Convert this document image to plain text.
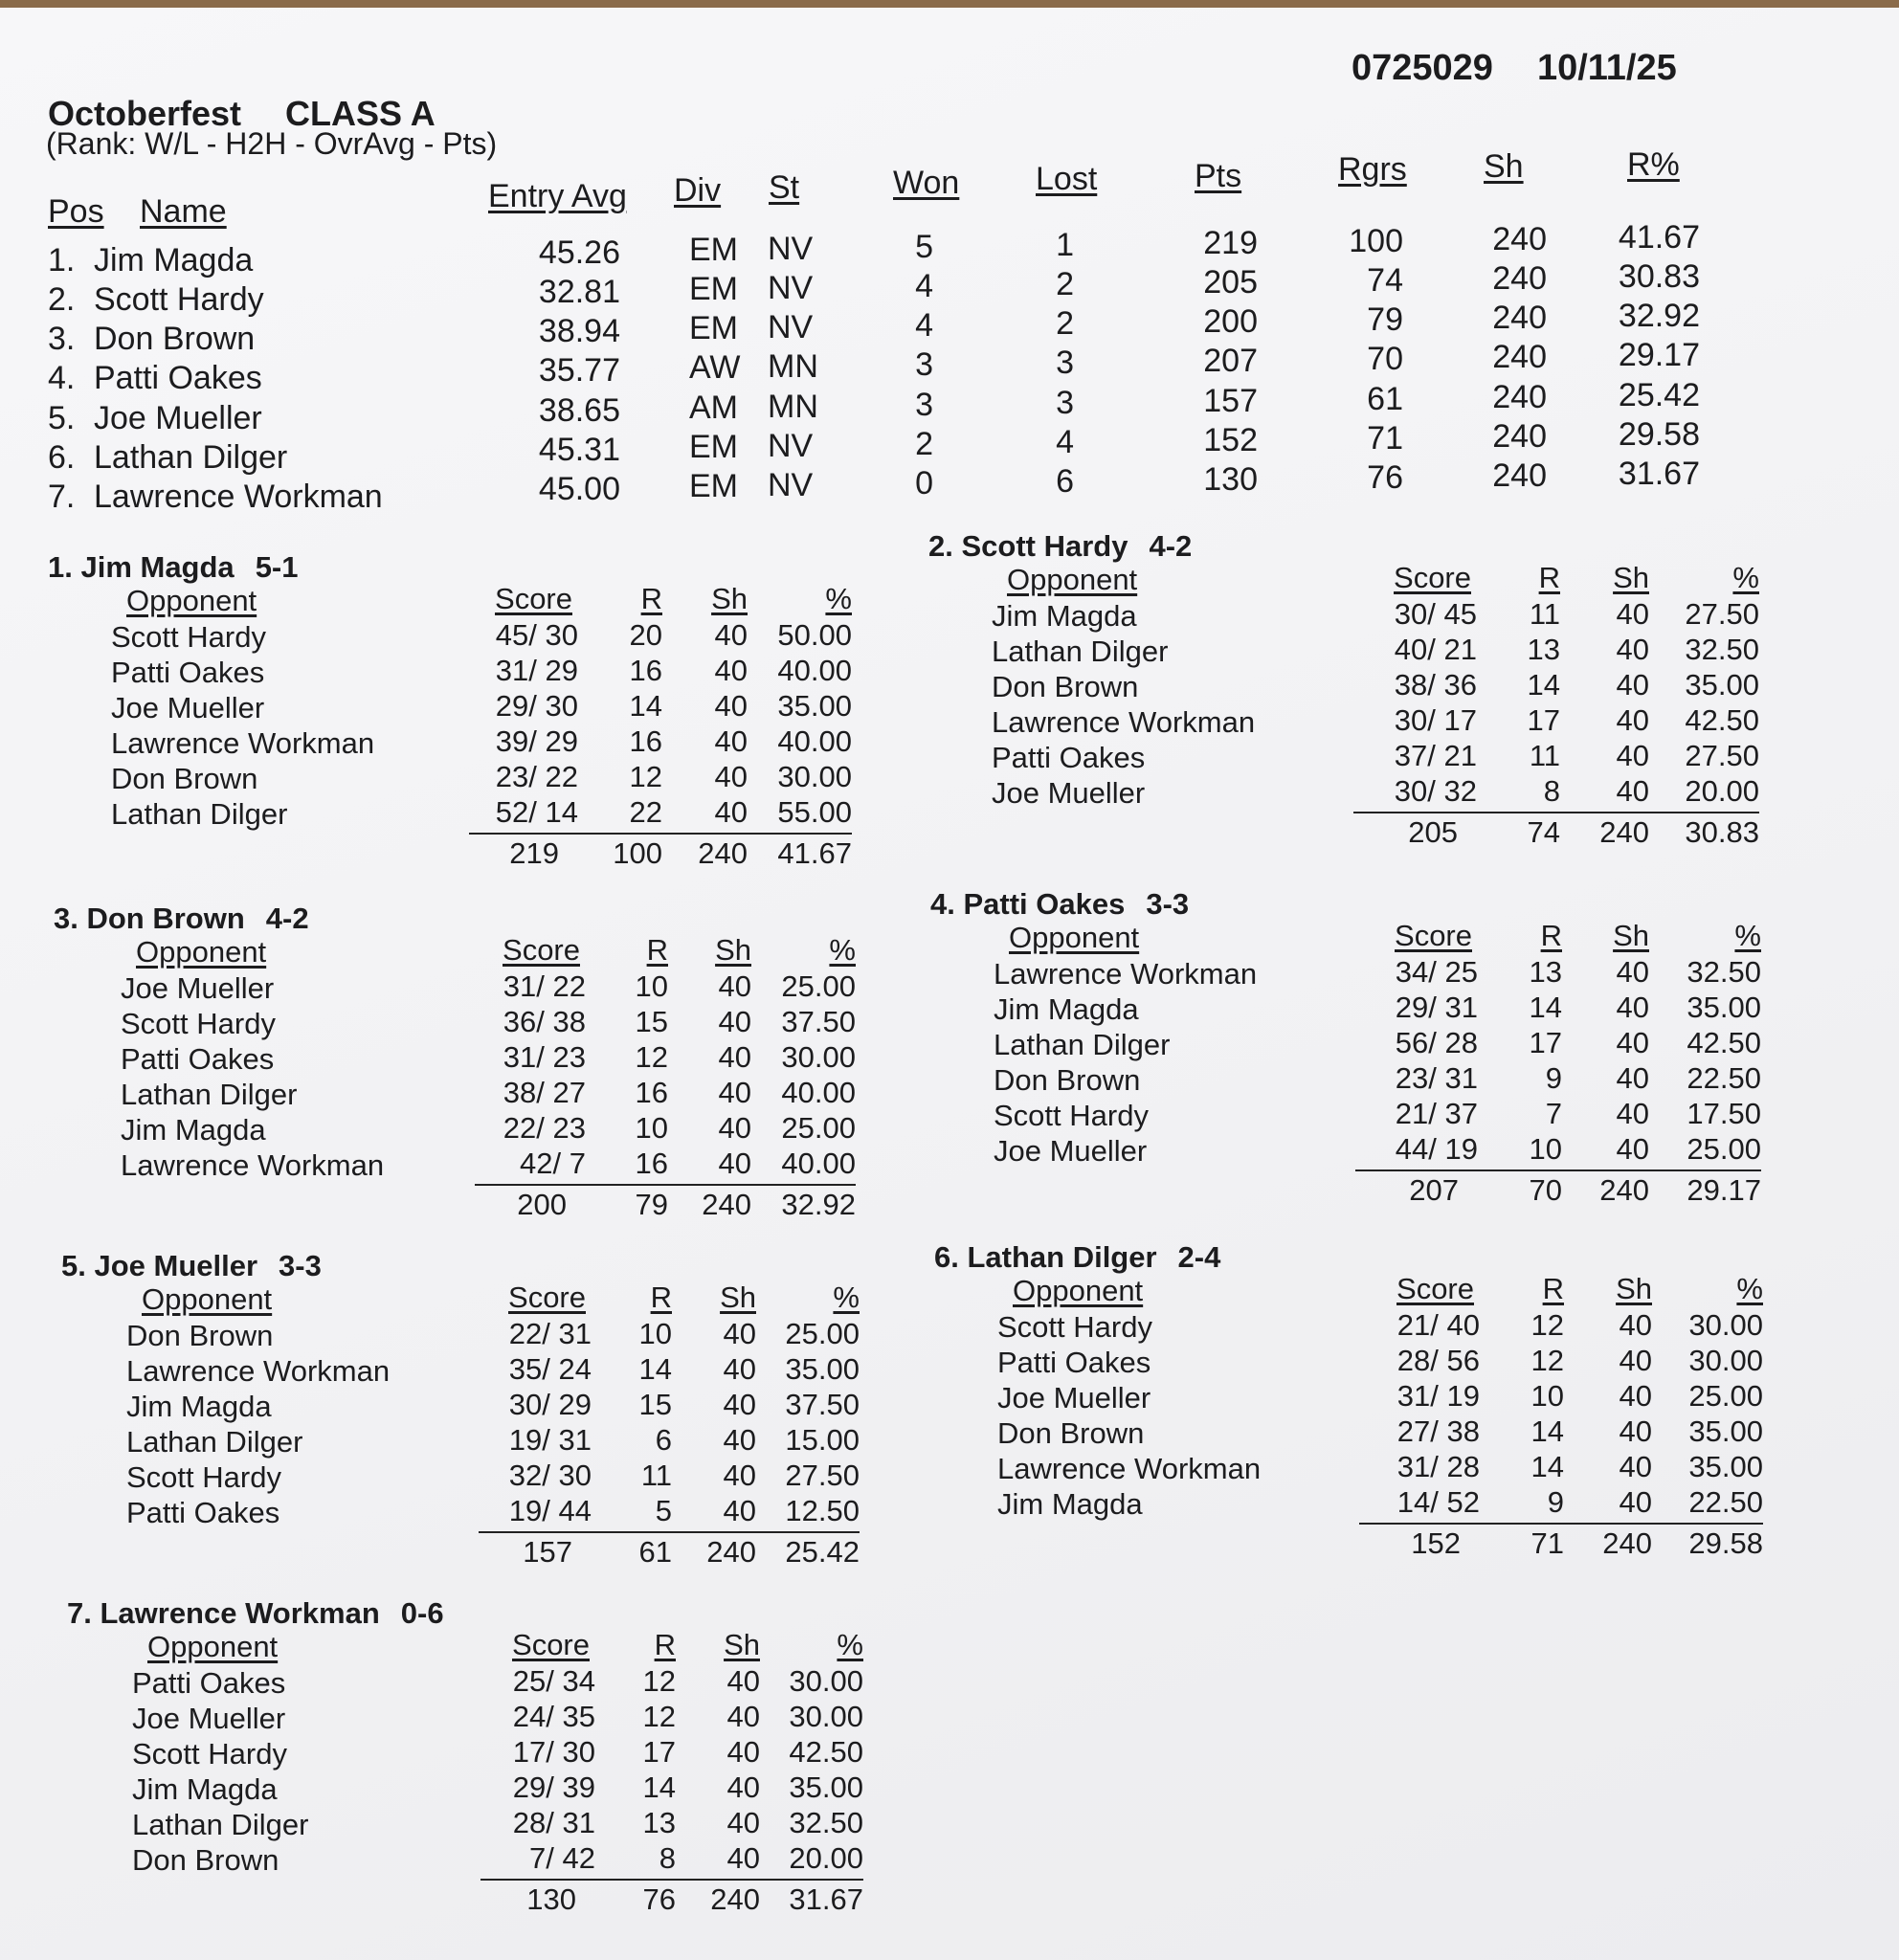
Octoberfest CLASS A
(Rank: W/L - H2H - OvrAvg - Pts)
0725029 10/11/25
Pos Name	Entry Avg Div St	Won Lost	Pts	Rgrs Sh	R%
1. Jim Magda	45.26 EM NV	5	1	219	100	240 41.67
2. Scott Hardy	32.81 EM NV	4	2	205	74	240 30.83
3. Don Brown	38.94 EM NV	4	2	200	79	240 32.92
4. Patti Oakes	35.77 AW MN	3	3	207	70	240 29.17
5. Joe Mueller	38.65 AM MN	3	3	157	61	240 25.42
6. Lathan Dilger	45.31 EM NV	2	4	152	71	240 29.58
7. Lawrence Workman	45.00 EM NV	0	6	130	76	240 31.67
1. Jim Magda 5-1
Opponent	Score R Sh	%
Scott Hardy	45/ 30 20 40 50.00
Patti Oakes	31/ 29 16 40 40.00
Joe Mueller	29/ 30 14 40 35.00
Lawrence Workman	39/ 29 16 40 40.00
Don Brown	23/ 22 12 40 30.00
Lathan Dilger	52/ 14 22 40 55.00
219 100 240 41.67
2. Scott Hardy 4-2
Opponent	Score R Sh	%
Jim Magda	30/ 45 11 40 27.50
Lathan Dilger	40/ 21 13 40 32.50
Don Brown	38/ 36 14 40 35.00
Lawrence Workman	30/ 17 17 40 42.50
Patti Oakes	37/ 21 11 40 27.50
Joe Mueller	30/ 32 8 40 20.00
205 74 240 30.83
3. Don Brown 4-2
Opponent	Score R Sh	%
Joe Mueller	31/ 22 10 40 25.00
Scott Hardy	36/ 38 15 40 37.50
Patti Oakes	31/ 23 12 40 30.00
Lathan Dilger	38/ 27 16 40 40.00
Jim Magda	22/ 23 10 40 25.00
Lawrence Workman	42/ 7 16 40 40.00
200 79 240 32.92
4. Patti Oakes 3-3
Opponent	Score R Sh	%
Lawrence Workman	34/ 25 13 40 32.50
Jim Magda	29/ 31 14 40 35.00
Lathan Dilger	56/ 28 17 40 42.50
Don Brown	23/ 31 9 40 22.50
Scott Hardy	21/ 37 7 40 17.50
Joe Mueller	44/ 19 10 40 25.00
207 70 240 29.17
5. Joe Mueller 3-3
Opponent	Score R Sh	%
Don Brown	22/ 31 10 40 25.00
Lawrence Workman	35/ 24 14 40 35.00
Jim Magda	30/ 29 15 40 37.50
Lathan Dilger	19/ 31 6 40 15.00
Scott Hardy	32/ 30 11 40 27.50
Patti Oakes	19/ 44 5 40 12.50
157 61 240 25.42
6. Lathan Dilger 2-4
Opponent	Score R Sh	%
Scott Hardy	21/ 40 12 40 30.00
Patti Oakes	28/ 56 12 40 30.00
Joe Mueller	31/ 19 10 40 25.00
Don Brown	27/ 38 14 40 35.00
Lawrence Workman	31/ 28 14 40 35.00
Jim Magda	14/ 52 9 40 22.50
152 71 240 29.58
7. Lawrence Workman 0-6
Opponent	Score R Sh	%
Patti Oakes	25/ 34 12 40 30.00
Joe Mueller	24/ 35 12 40 30.00
Scott Hardy	17/ 30 17 40 42.50
Jim Magda	29/ 39 14 40 35.00
Lathan Dilger	28/ 31 13 40 32.50
Don Brown	7/ 42 8 40 20.00
130 76 240 31.67
